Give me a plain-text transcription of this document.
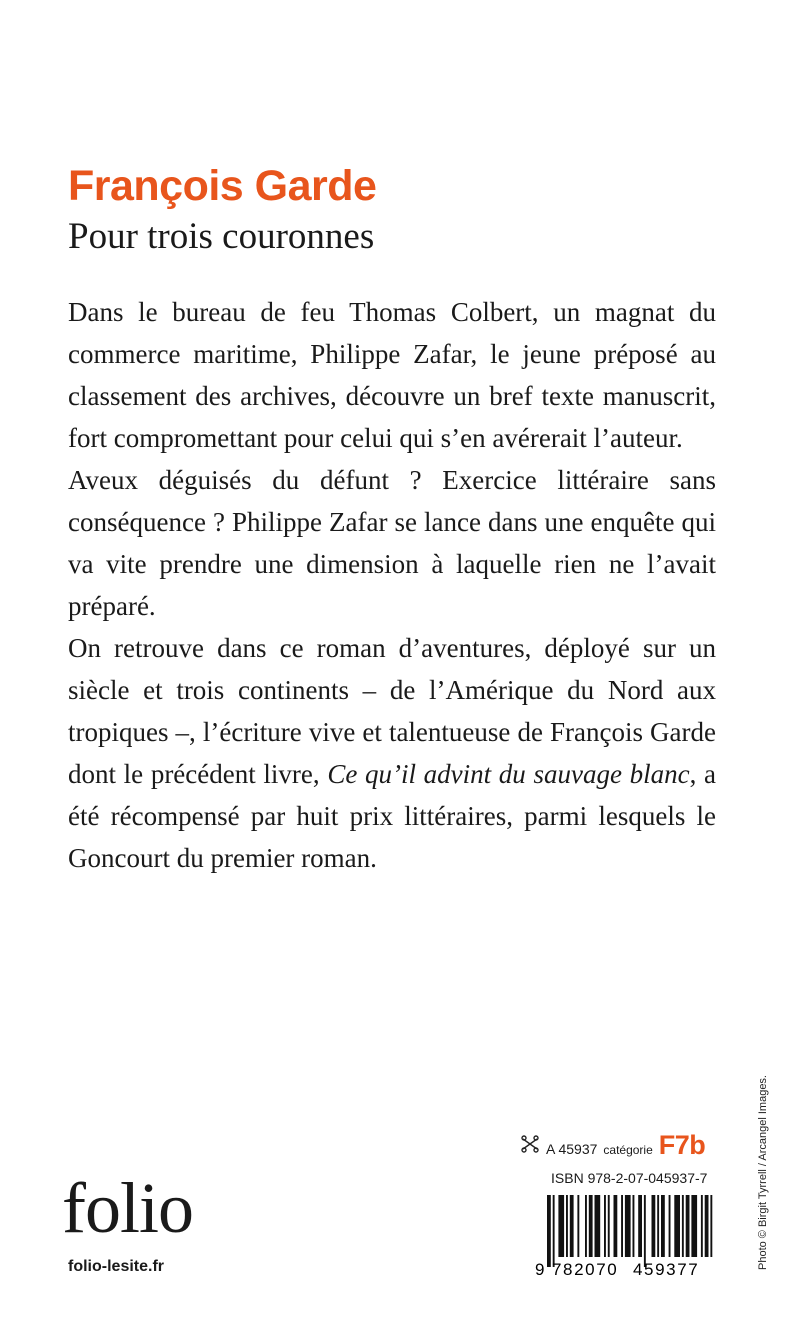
François Garde
Pour trois couronnes

Dans le bureau de feu Thomas Colbert, un magnat du commerce maritime, Philippe Zafar, le jeune préposé au classement des archives, découvre un bref texte manuscrit, fort compromettant pour celui qui s’en avérerait l’auteur.

Aveux déguisés du défunt ? Exercice littéraire sans conséquence ? Philippe Zafar se lance dans une enquête qui va vite prendre une dimension à laquelle rien ne l’avait préparé.

On retrouve dans ce roman d’aventures, déployé sur un siècle et trois continents – de l’Amérique du Nord aux tropiques –, l’écriture vive et talentueuse de François Garde dont le précédent livre, Ce qu’il advint du sauvage blanc, a été récompensé par huit prix littéraires, parmi lesquels le Goncourt du premier roman.

Photo © Birgit Tyrrell / Arcangel Images.
A 45937 catégorie F7b
ISBN 978-2-07-045937-7
9 782070 459377
folio
folio-lesite.fr
